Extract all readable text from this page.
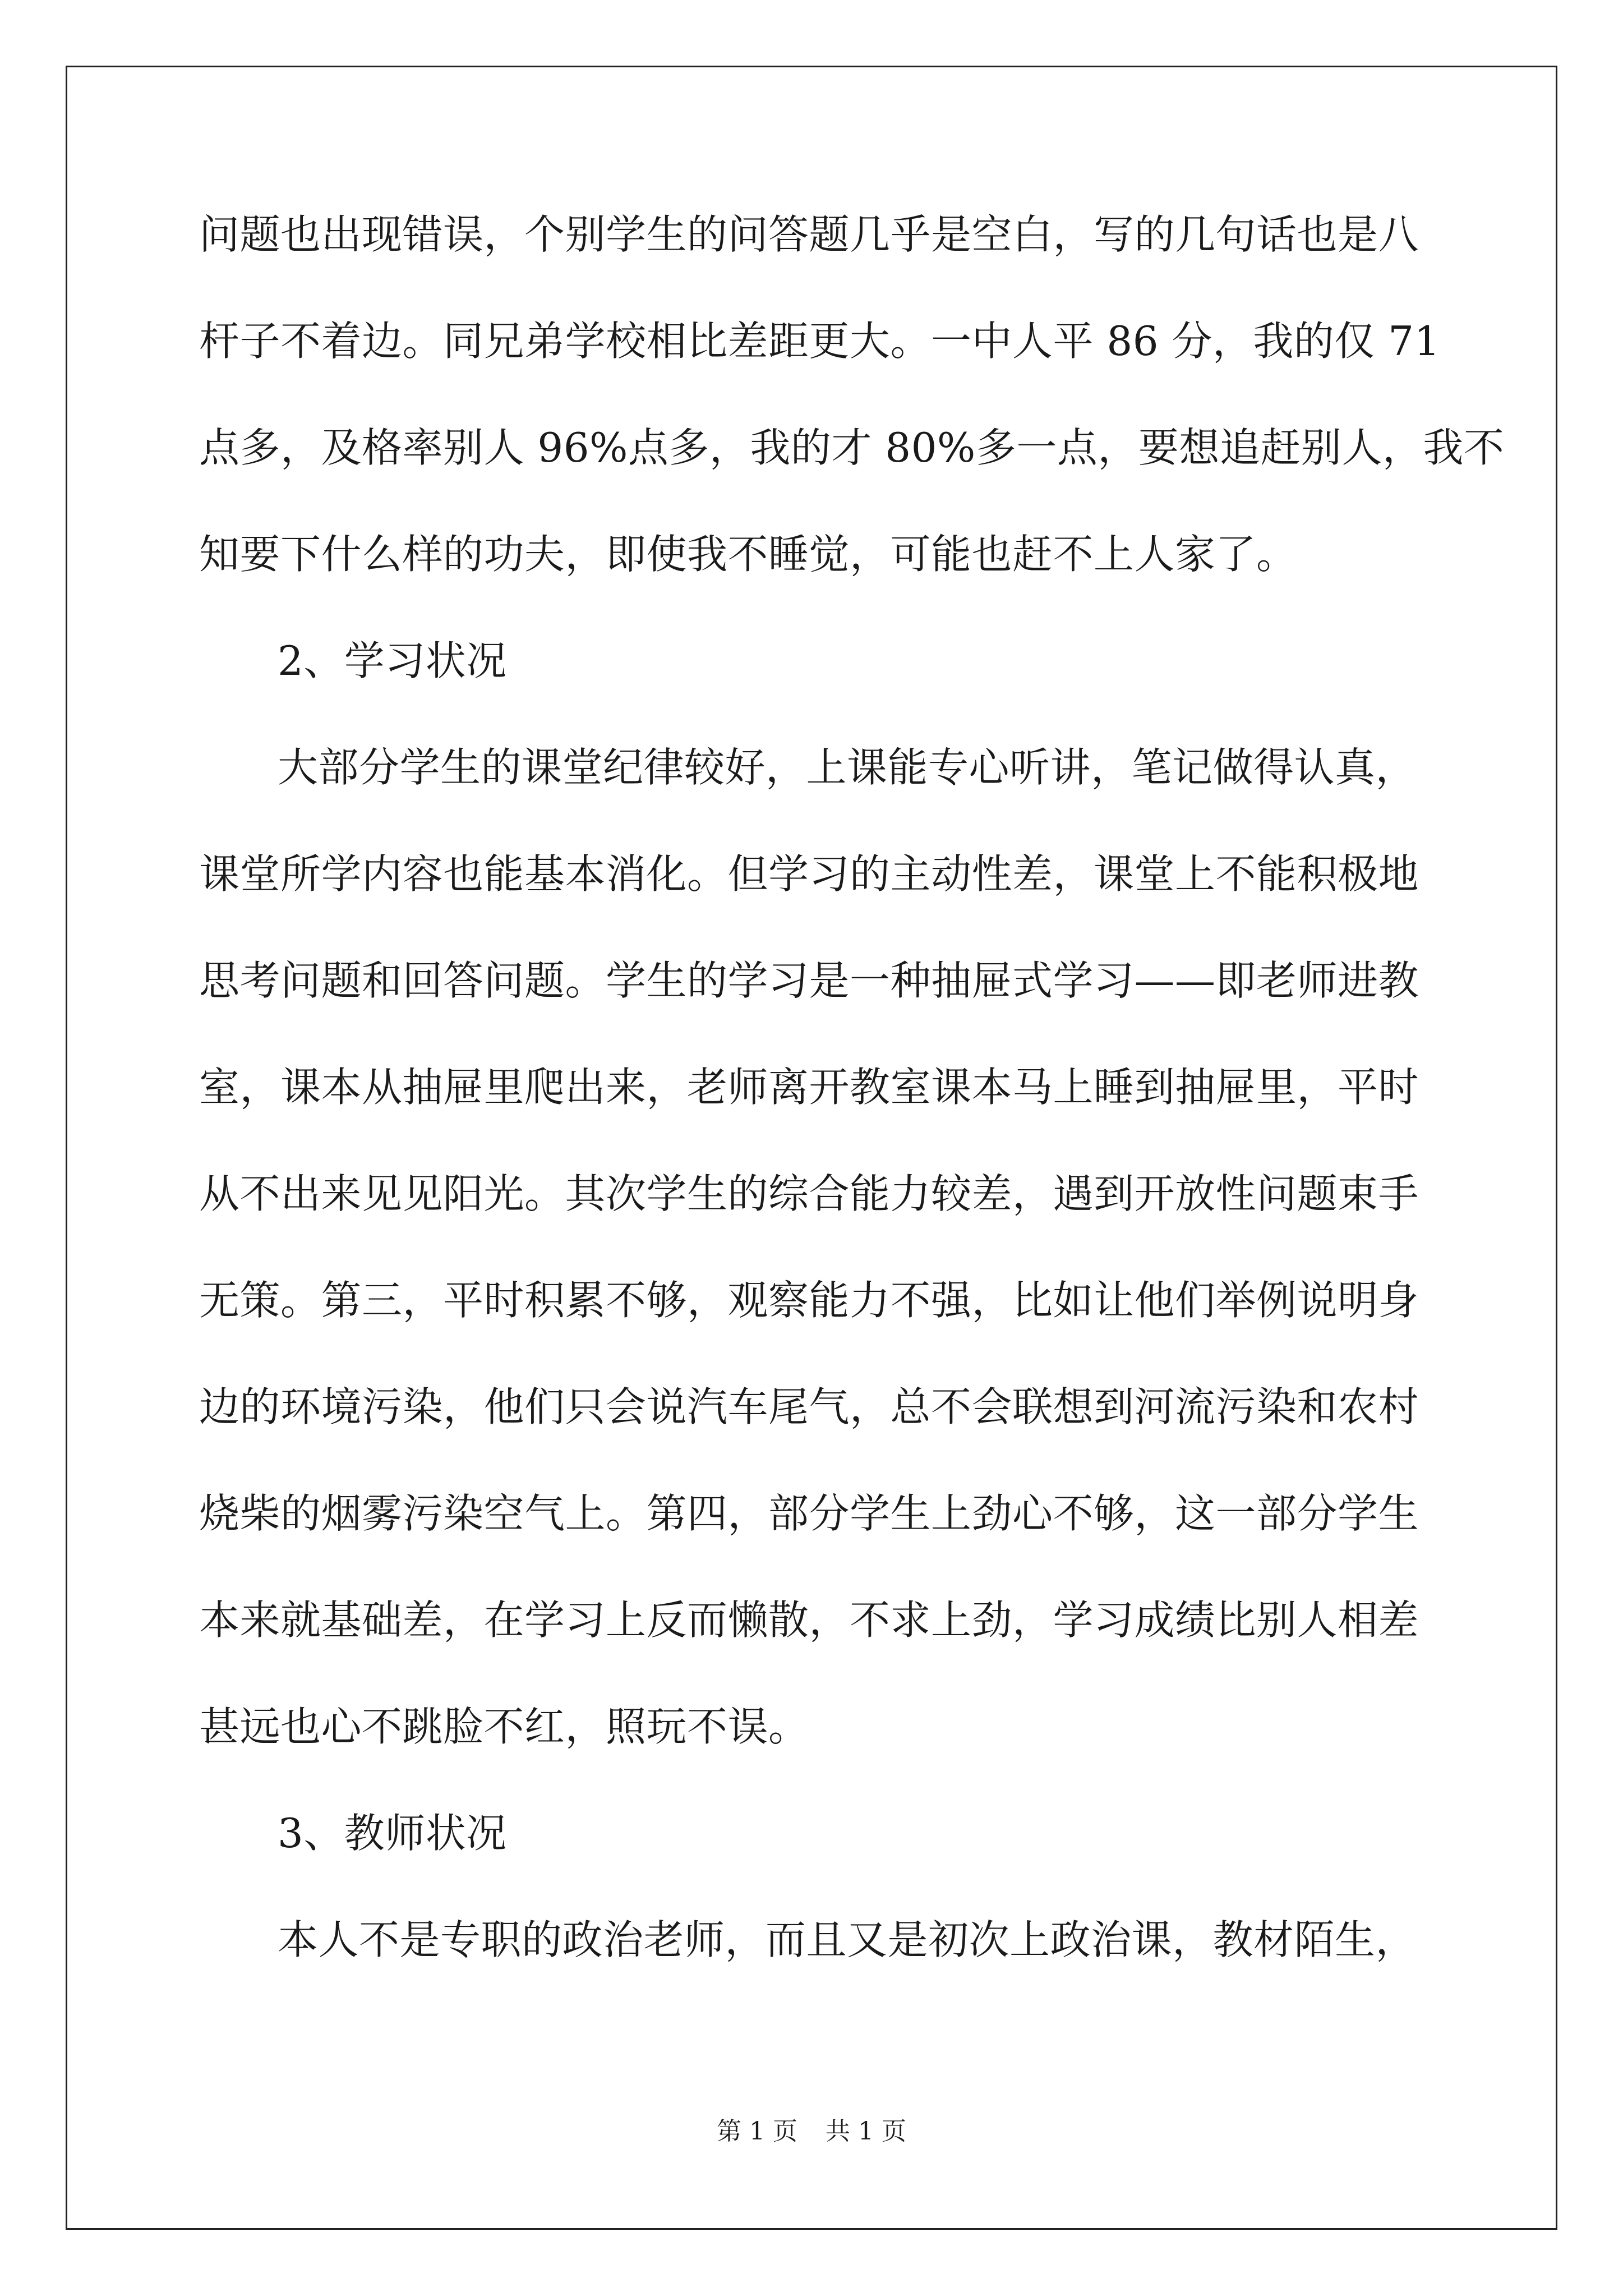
问题也出现错误，个别学生的问答题几乎是空白，写的几句话也是八
杆子不着边。同兄弟学校相比差距更大。一中人平 86 分，我的仅 71
点多，及格率别人 96%点多，我的才 80%多一点，要想追赶别人，我不
知要下什么样的功夫，即使我不睡觉，可能也赶不上人家了。
2、学习状况
大部分学生的课堂纪律较好，上课能专心听讲，笔记做得认真，
课堂所学内容也能基本消化。但学习的主动性差，课堂上不能积极地
思考问题和回答问题。学生的学习是一种抽屉式学习——即老师进教
室，课本从抽屉里爬出来，老师离开教室课本马上睡到抽屉里，平时
从不出来见见阳光。其次学生的综合能力较差，遇到开放性问题束手
无策。第三，平时积累不够，观察能力不强，比如让他们举例说明身
边的环境污染，他们只会说汽车尾气，总不会联想到河流污染和农村
烧柴的烟雾污染空气上。第四，部分学生上劲心不够，这一部分学生
本来就基础差，在学习上反而懒散，不求上劲，学习成绩比别人相差
甚远也心不跳脸不红，照玩不误。
3、教师状况
本人不是专职的政治老师，而且又是初次上政治课，教材陌生，
第 1 页 共 1 页
